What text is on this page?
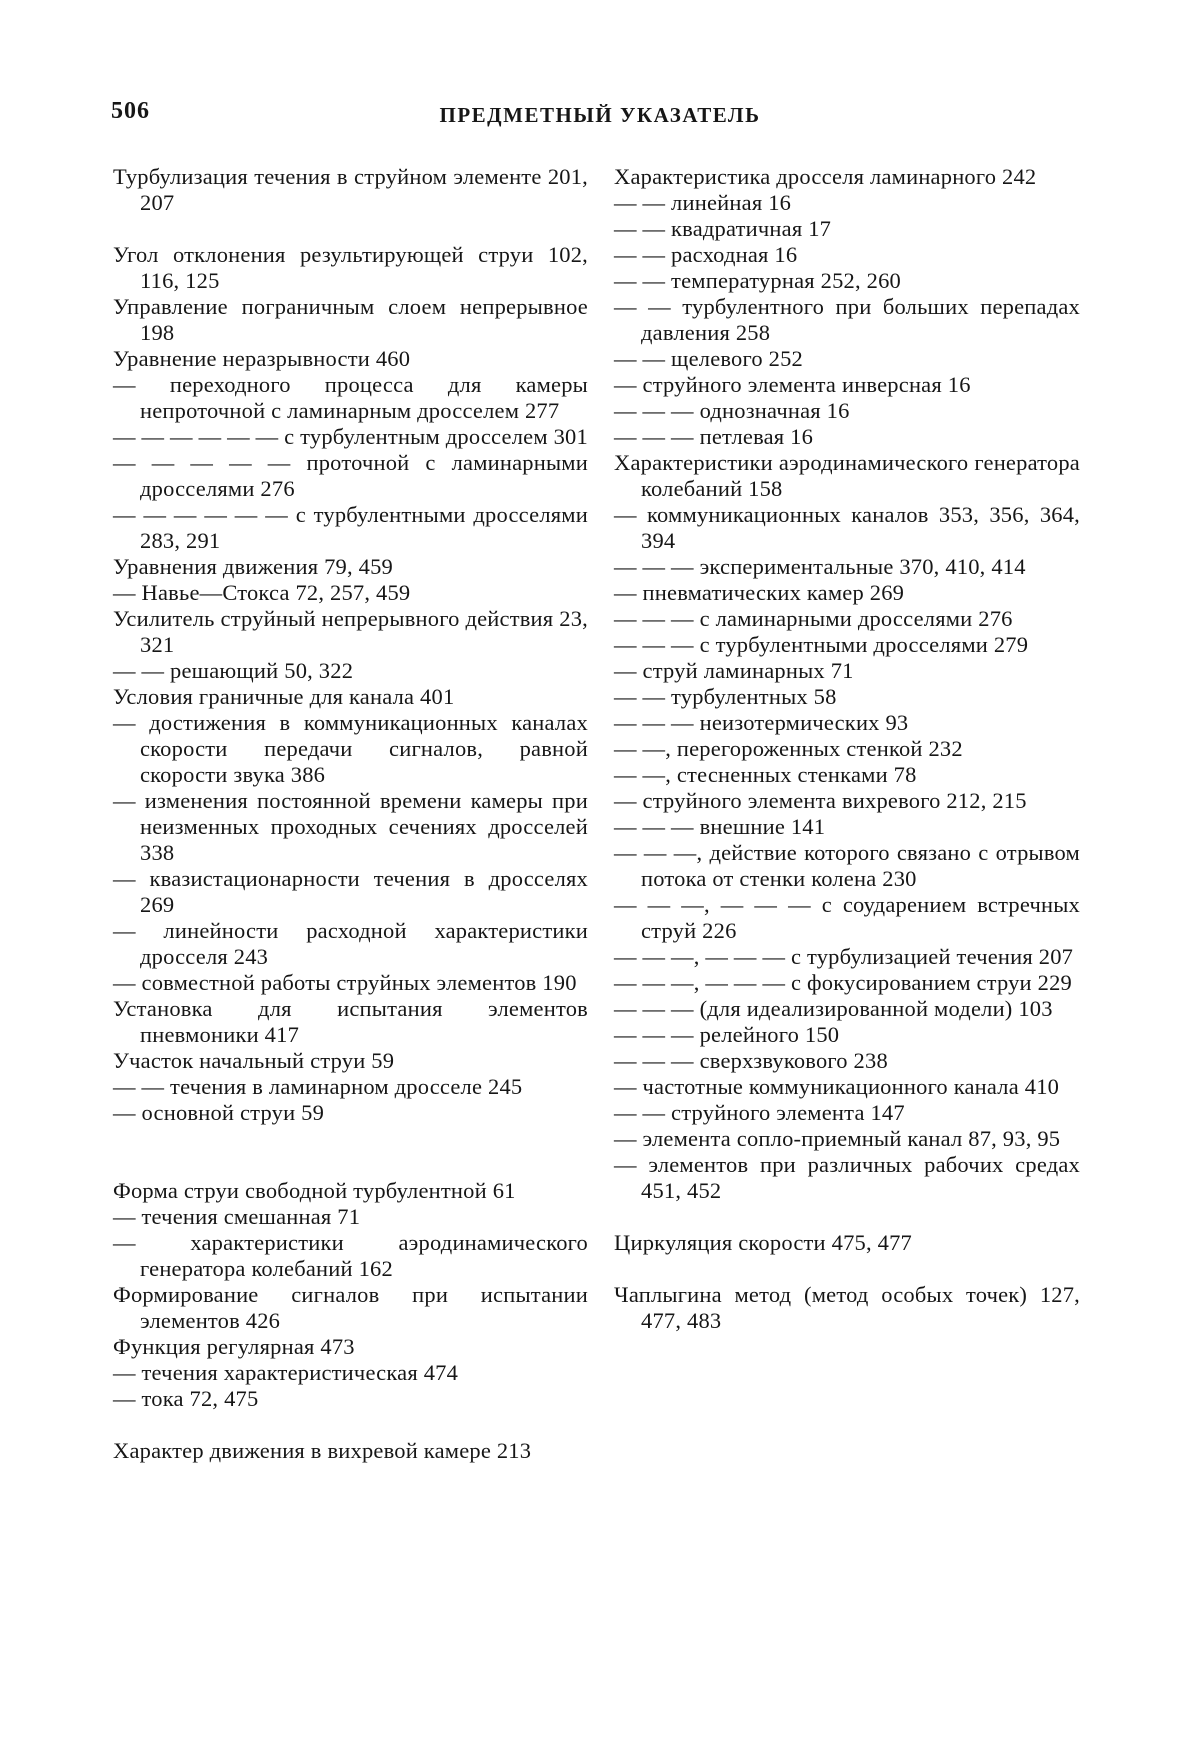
506	ПРЕДМЕТНЫЙ УКАЗАТЕЛЬ
Турбулизация течения в струйном элементе 201, 207
Угол отклонения результирующей струи 102, 116, 125
Управление пограничным слоем непрерывное 198
Уравнение неразрывности 460
— переходного процесса для камеры непроточной с ламинарным дросселем 277
— — — — — — с турбулентным дросселем 301
— — — — — проточной с ламинарными дросселями 276
— — — — — — с турбулентными дросселями 283, 291
Уравнения движения 79, 459
— Навье—Стокса 72, 257, 459
Усилитель струйный непрерывного действия 23, 321
— — решающий 50, 322
Условия граничные для канала 401
— достижения в коммуникационных каналах скорости передачи сигналов, равной скорости звука 386
— изменения постоянной времени камеры при неизменных проходных сечениях дросселей 338
— квазистационарности течения в дросселях 269
— линейности расходной характеристики дросселя 243
— совместной работы струйных элементов 190
Установка для испытания элементов пневмоники 417
Участок начальный струи 59
— — течения в ламинарном дросселе 245
— основной струи 59
Форма струи свободной турбулентной 61
— течения смешанная 71
— характеристики аэродинамического генератора колебаний 162
Формирование сигналов при испытании элементов 426
Функция регулярная 473
— течения характеристическая 474
— тока 72, 475
Характер движения в вихревой камере 213
Характеристика дросселя ламинарного 242
— — линейная 16
— — квадратичная 17
— — расходная 16
— — температурная 252, 260
— — турбулентного при больших перепадах давления 258
— — щелевого 252
— струйного элемента инверсная 16
— — — однозначная 16
— — — петлевая 16
Характеристики аэродинамического генератора колебаний 158
— коммуникационных каналов 353, 356, 364, 394
— — — экспериментальные 370, 410, 414
— пневматических камер 269
— — — с ламинарными дросселями 276
— — — с турбулентными дросселями 279
— струй ламинарных 71
— — турбулентных 58
— — — неизотермических 93
— —, перегороженных стенкой 232
— —, стесненных стенками 78
— струйного элемента вихревого 212, 215
— — — внешние 141
— — —, действие которого связано с отрывом потока от стенки колена 230
— — —, — — — с соударением встречных струй 226
— — —, — — — с турбулизацией течения 207
— — —, — — — с фокусированием струи 229
— — — (для идеализированной модели) 103
— — — релейного 150
— — — сверхзвукового 238
— частотные коммуникационного канала 410
— — струйного элемента 147
— элемента сопло-приемный канал 87, 93, 95
— элементов при различных рабочих средах 451, 452
Циркуляция скорости 475, 477
Чаплыгина метод (метод особых точек) 127, 477, 483
